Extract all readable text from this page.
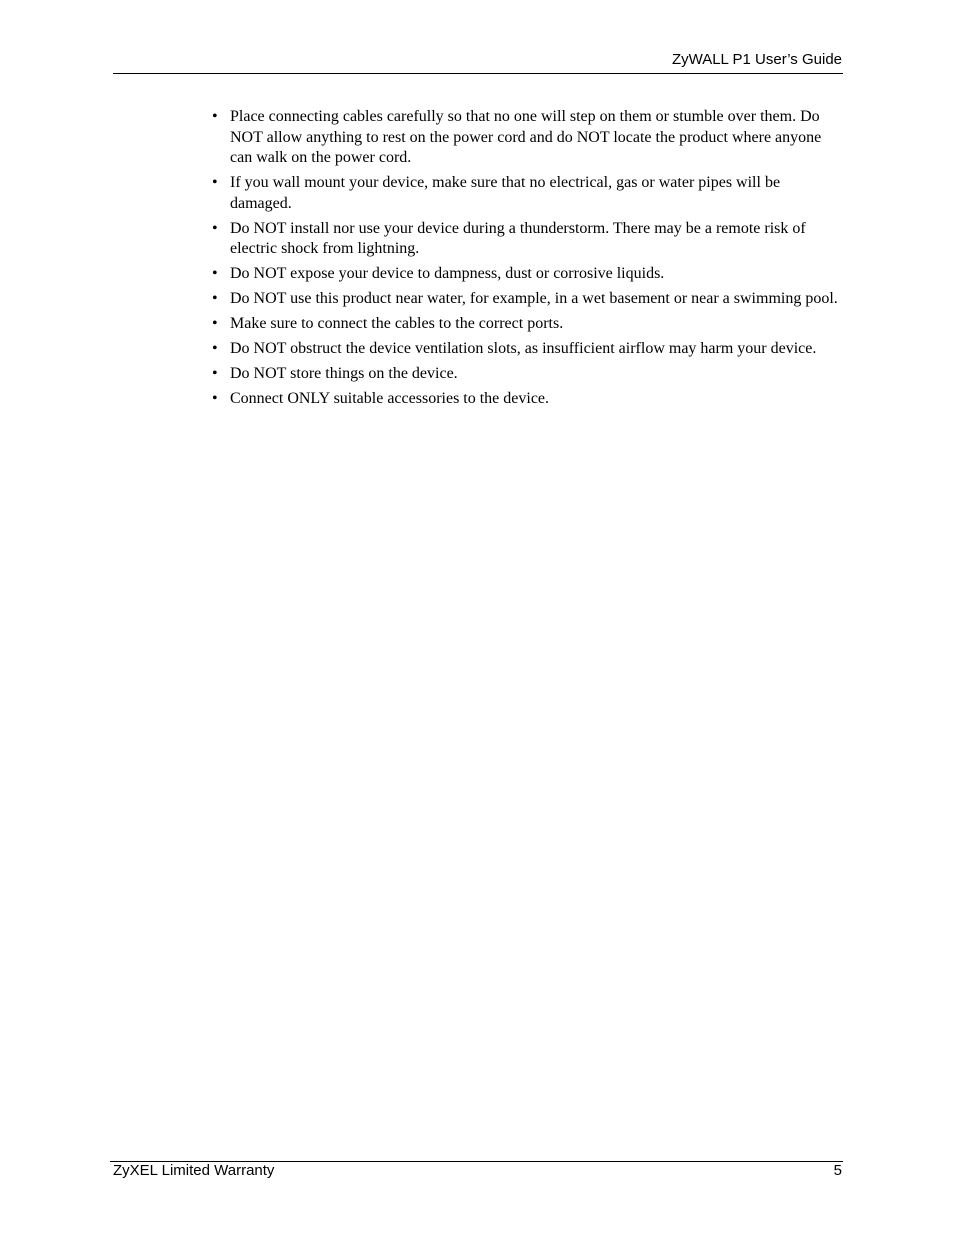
ZyWALL P1 User’s Guide
• Place connecting cables carefully so that no one will step on them or stumble over them. Do NOT allow anything to rest on the power cord and do NOT locate the product where anyone can walk on the power cord.
• If you wall mount your device, make sure that no electrical, gas or water pipes will be damaged.
• Do NOT install nor use your device during a thunderstorm. There may be a remote risk of electric shock from lightning.
• Do NOT expose your device to dampness, dust or corrosive liquids.
• Do NOT use this product near water, for example, in a wet basement or near a swimming pool.
• Make sure to connect the cables to the correct ports.
• Do NOT obstruct the device ventilation slots, as insufficient airflow may harm your device.
• Do NOT store things on the device.
• Connect ONLY suitable accessories to the device.
ZyXEL Limited Warranty	5
